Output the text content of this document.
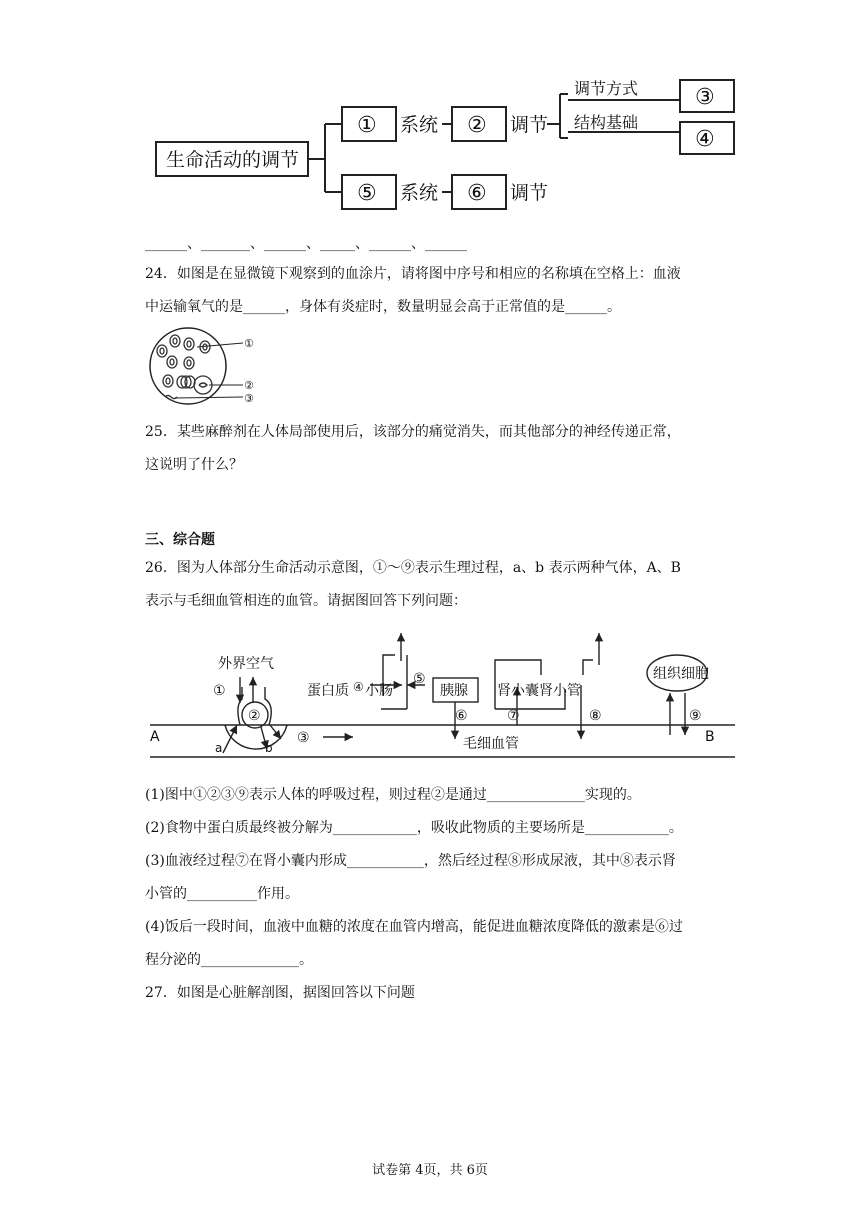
生命活动的调节
① 系统 ② 调节
调节方式
结构基础
③
④
⑤ 系统 ⑥ 调节
______、_______、______、_____、______、______
24．如图是在显微镜下观察到的血涂片，请将图中序号和相应的名称填在空格上：血液
中运输氧气的是______，身体有炎症时，数量明显会高于正常值的是______。
①
②
③
25．某些麻醉剂在人体局部使用后，该部分的痛觉消失，而其他部分的神经传递正常，
这说明了什么？
三、综合题
26．图为人体部分生命活动示意图，①～⑨表示生理过程，a、b 表示两种气体，A、B
表示与毛细血管相连的血管。请据图回答下列问题：
外界空气
①
②
a	b
③
A	B
蛋白质 ④ 小肠
⑤
胰腺
⑥
肾小囊 肾小管
⑦	⑧
组织细胞
⑨
毛细血管
(1)图中①②③⑨表示人体的呼吸过程，则过程②是通过______________实现的。
(2)食物中蛋白质最终被分解为____________，吸收此物质的主要场所是____________。
(3)血液经过程⑦在肾小囊内形成___________，然后经过程⑧形成尿液，其中⑧表示肾
小管的__________作用。
(4)饭后一段时间，血液中血糖的浓度在血管内增高，能促进血糖浓度降低的激素是⑥过
程分泌的______________。
27．如图是心脏解剖图，据图回答以下问题
试卷第 4页，共 6页
